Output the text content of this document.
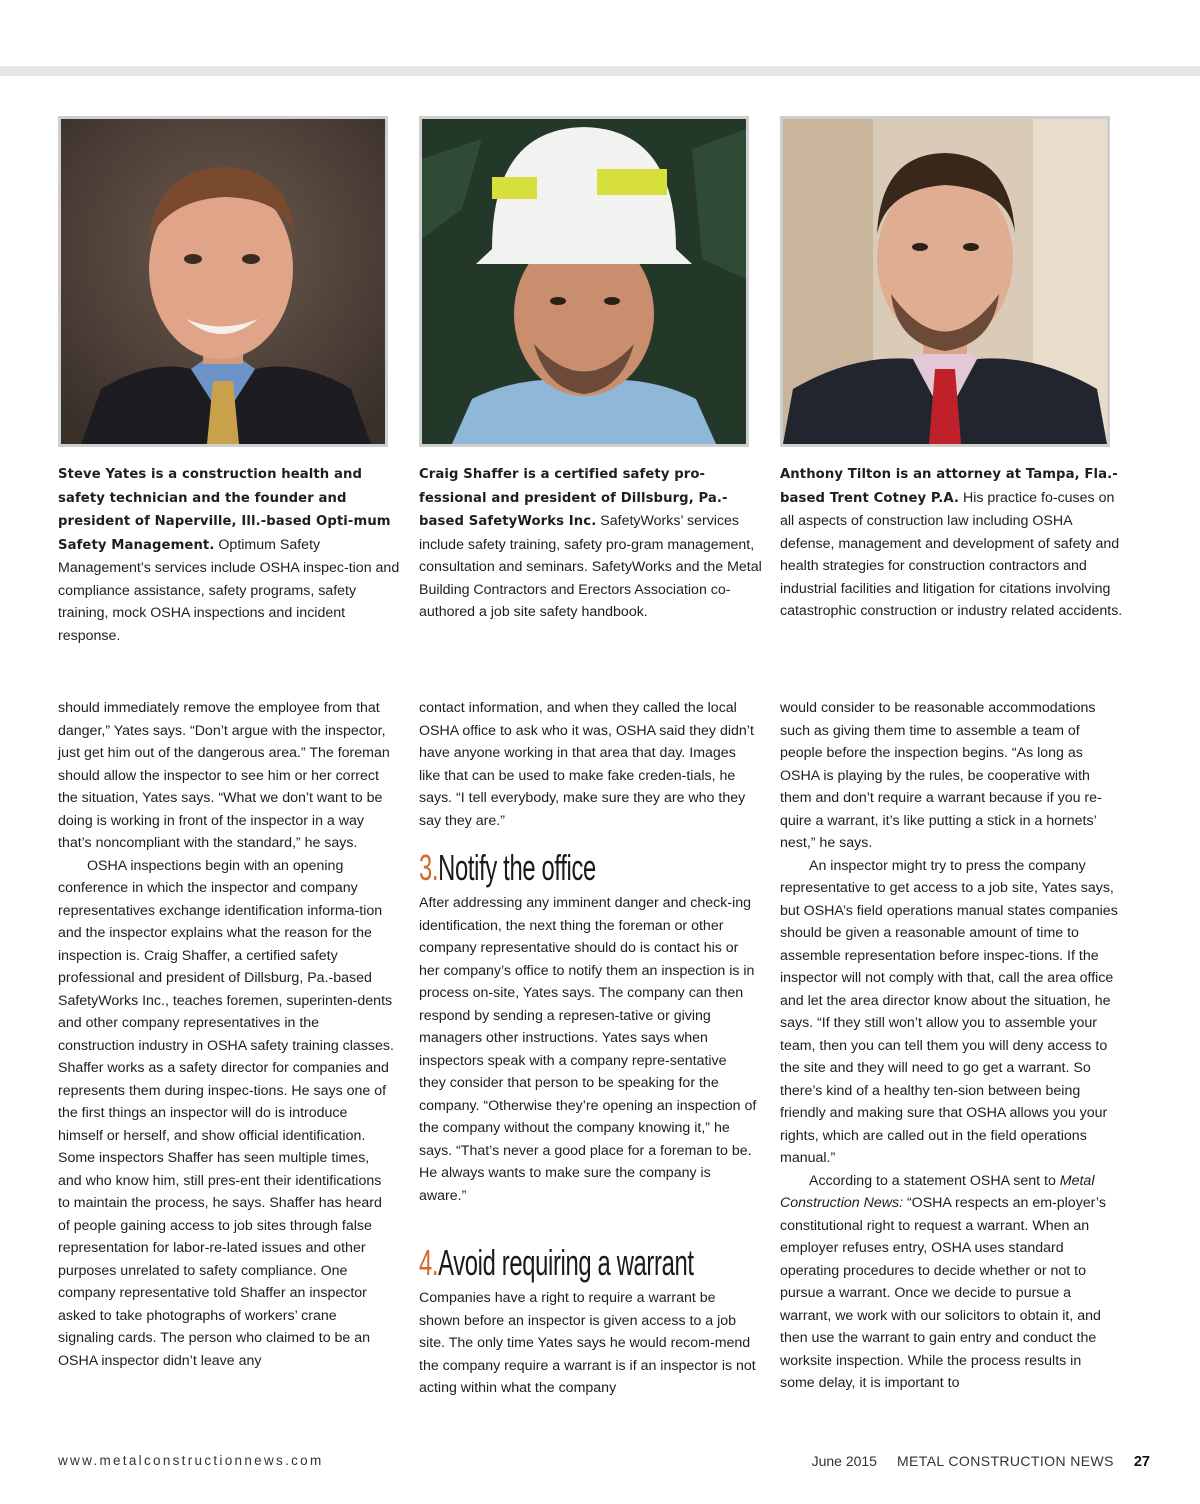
Steve Yates is a construction health and safety technician and the founder and president of Naperville, Ill.-based Opti-mum Safety Management. Optimum Safety Management’s services include OSHA inspec-tion and compliance assistance, safety programs, safety training, mock OSHA inspections and incident response.

Craig Shaffer is a certified safety pro-fessional and president of Dillsburg, Pa.-based SafetyWorks Inc. SafetyWorks’ services include safety training, safety pro-gram management, consultation and seminars. SafetyWorks and the Metal Building Contractors and Erectors Association co-authored a job site safety handbook.

Anthony Tilton is an attorney at Tampa, Fla.-based Trent Cotney P.A. His practice fo-cuses on all aspects of construction law including OSHA defense, management and development of safety and health strategies for construction contractors and industrial facilities and litigation for citations involving catastrophic construction or industry related accidents.

should immediately remove the employee from that danger,” Yates says. “Don’t argue with the inspector, just get him out of the dangerous area.” The foreman should allow the inspector to see him or her correct the situation, Yates says. “What we don’t want to be doing is working in front of the inspector in a way that’s noncompliant with the standard,” he says.

OSHA inspections begin with an opening conference in which the inspector and company representatives exchange identification informa-tion and the inspector explains what the reason for the inspection is. Craig Shaffer, a certified safety professional and president of Dillsburg, Pa.-based SafetyWorks Inc., teaches foremen, superinten-dents and other company representatives in the construction industry in OSHA safety training classes. Shaffer works as a safety director for companies and represents them during inspec-tions. He says one of the first things an inspector will do is introduce himself or herself, and show official identification. Some inspectors Shaffer has seen multiple times, and who know him, still pres-ent their identifications to maintain the process, he says. Shaffer has heard of people gaining access to job sites through false representation for labor-re-lated issues and other purposes unrelated to safety compliance. One company representative told Shaffer an inspector asked to take photographs of workers’ crane signaling cards. The person who claimed to be an OSHA inspector didn’t leave any

contact information, and when they called the local OSHA office to ask who it was, OSHA said they didn’t have anyone working in that area that day. Images like that can be used to make fake creden-tials, he says. “I tell everybody, make sure they are who they say they are.”

3.Notify the office

After addressing any imminent danger and check-ing identification, the next thing the foreman or other company representative should do is contact his or her company’s office to notify them an inspection is in process on-site, Yates says. The company can then respond by sending a represen-tative or giving managers other instructions. Yates says when inspectors speak with a company repre-sentative they consider that person to be speaking for the company. “Otherwise they’re opening an inspection of the company without the company knowing it,” he says. “That’s never a good place for a foreman to be. He always wants to make sure the company is aware.”

4.Avoid requiring a warrant

Companies have a right to require a warrant be shown before an inspector is given access to a job site. The only time Yates says he would recom-mend the company require a warrant is if an inspector is not acting within what the company

would consider to be reasonable accommodations such as giving them time to assemble a team of people before the inspection begins. “As long as OSHA is playing by the rules, be cooperative with them and don’t require a warrant because if you re-quire a warrant, it’s like putting a stick in a hornets’ nest,” he says.

An inspector might try to press the company representative to get access to a job site, Yates says, but OSHA’s field operations manual states companies should be given a reasonable amount of time to assemble representation before inspec-tions. If the inspector will not comply with that, call the area office and let the area director know about the situation, he says. “If they still won’t allow you to assemble your team, then you can tell them you will deny access to the site and they will need to go get a warrant. So there’s kind of a healthy ten-sion between being friendly and making sure that OSHA allows you your rights, which are called out in the field operations manual.”

According to a statement OSHA sent to Metal Construction News: “OSHA respects an em-ployer’s constitutional right to request a warrant. When an employer refuses entry, OSHA uses standard operating procedures to decide whether or not to pursue a warrant. Once we decide to pursue a warrant, we work with our solicitors to obtain it, and then use the warrant to gain entry and conduct the worksite inspection. While the process results in some delay, it is important to

www.metalconstructionnews.com	June 2015 METAL CONSTRUCTION NEWS 27
